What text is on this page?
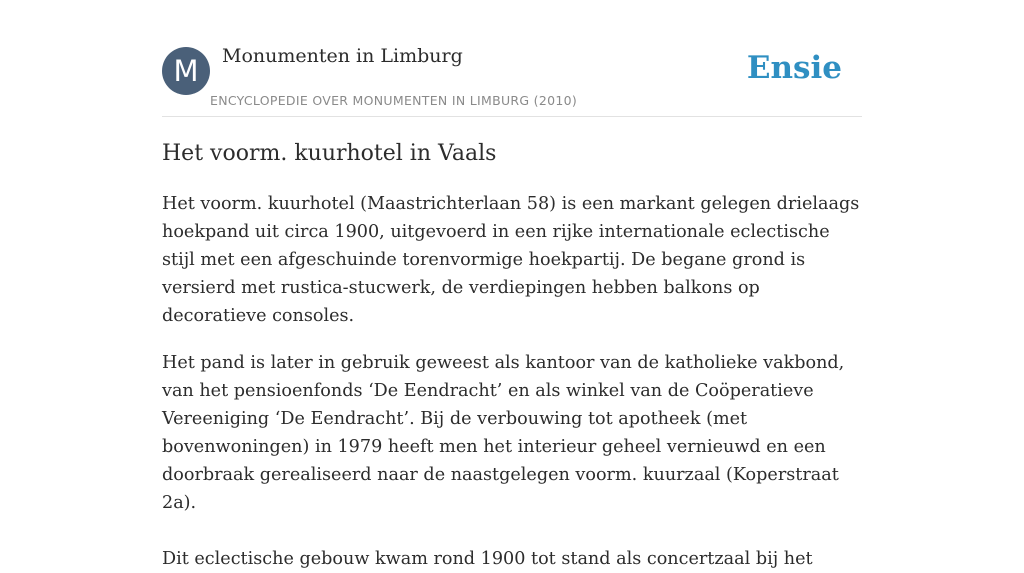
M	Monumenten in Limburg
ENCYCLOPEDIE OVER MONUMENTEN IN LIMBURG (2010)
Ensie
Het voorm. kuurhotel in Vaals

Het voorm. kuurhotel (Maastrichterlaan 58) is een markant gelegen drielaags hoekpand uit circa 1900, uitgevoerd in een rijke internationale eclectische stijl met een afgeschuinde torenvormige hoekpartij. De begane grond is versierd met rustica-stucwerk, de verdiepingen hebben balkons op decoratieve consoles.

Het pand is later in gebruik geweest als kantoor van de katholieke vakbond, van het pensioenfonds ‘De Eendracht’ en als winkel van de Coöperatieve Vereeniging ‘De Eendracht’. Bij de verbouwing tot apotheek (met bovenwoningen) in 1979 heeft men het interieur geheel vernieuwd en een doorbraak gerealiseerd naar de naastgelegen voorm. kuurzaal (Koperstraat 2a).

Dit eclectische gebouw kwam rond 1900 tot stand als concertzaal bij het
